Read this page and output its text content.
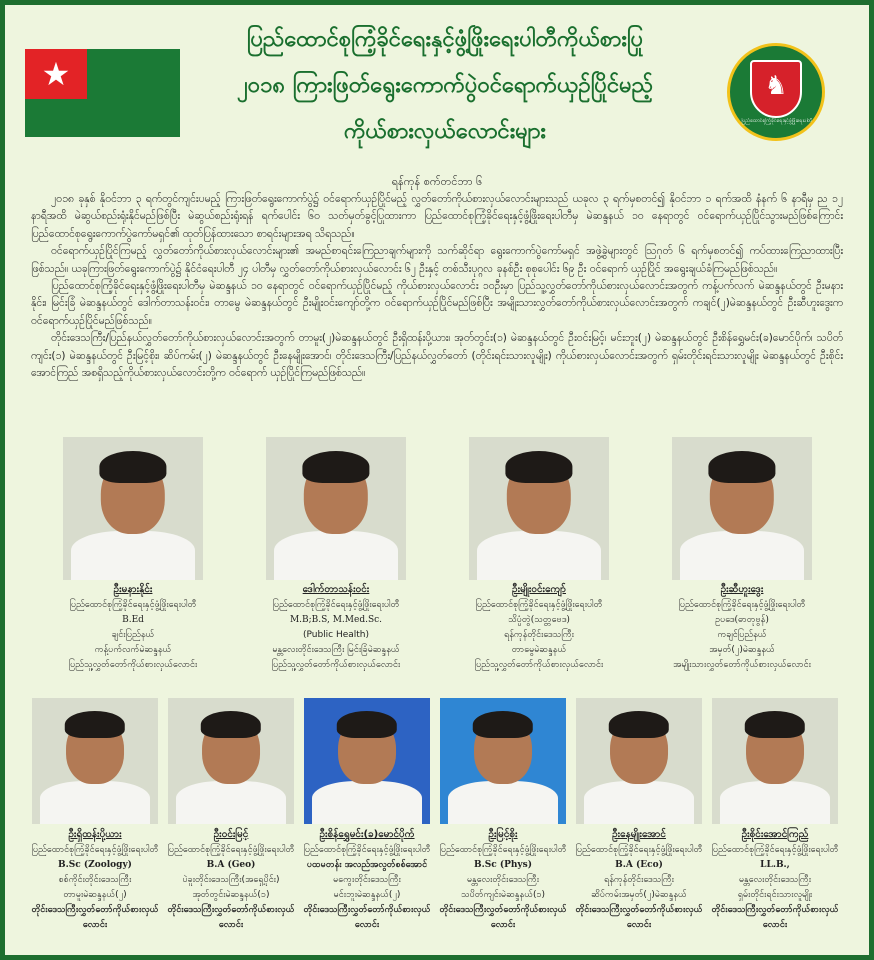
★
ပြည်ထောင်စုကြံ့ခိုင်ရေးနှင့်ဖွံ့ဖြိုးရေးပါတီကိုယ်စားပြု
၂၀၁၈ ကြားဖြတ်ရွေးကောက်ပွဲဝင်ရောက်ယှဉ်ပြိုင်မည့်
ကိုယ်စားလှယ်လောင်းများ
♞
ပြည်ထောင်စုကြံ့ခိုင်ရေးနှင့်ဖွံ့ဖြိုးရေးပါတီ
ရန်ကုန် စက်တင်ဘာ ၆

၂၀၁၈ ခုနှစ် နိုဝင်ဘာ ၃ ရက်တွင်ကျင်းပမည့် ကြားဖြတ်ရွေးကောက်ပွဲ၌ ဝင်ရောက်ယှဉ်ပြိုင်မည့် လွှတ်တော်ကိုယ်စားလှယ်လောင်းများသည် ယခုလ ၃ ရက်မှစတင်၍ နိုဝင်ဘာ ၁ ရက်အထိ နံနက် ၆ နာရီမှ ည ၁၂ နာရီအထိ မဲဆွယ်စည်းရုံးနိုင်မည်ဖြစ်ပြီး မဲဆွယ်စည်းရုံးရန် ရက်ပေါင်း ၆၀ သတ်မှတ်ခွင့်ပြုထားကာ ပြည်ထောင်စုကြံ့ခိုင်ရေးနှင့်ဖွံ့ဖြိုးရေးပါတီမှ မဲဆန္ဒနယ် ၁၀ နေရာတွင် ဝင်ရောက်ယှဉ်ပြိုင်သွားမည်ဖြစ်ကြောင်း ပြည်ထောင်စုရွေးကောက်ပွဲကော်မရှင်၏ ထုတ်ပြန်ထားသော စာရင်းများအရ သိရသည်။

ဝင်ရောက်ယှဉ်ပြိုင်ကြမည့် လွှတ်တော်ကိုယ်စားလှယ်လောင်းများ၏ အမည်စာရင်းကြေညာချက်များကို သက်ဆိုင်ရာ ရွေးကောက်ပွဲကော်မရှင် အဖွဲ့ခွဲများတွင် ဩဂုတ် ၆ ရက်မှစတင်၍ ကပ်ထားကြေညာထားပြီးဖြစ်သည်။ ယခုကြားဖြတ်ရွေးကောက်ပွဲ၌ နိုင်ငံရေးပါတီ ၂၄ ပါတီမှ လွှတ်တော်ကိုယ်စားလှယ်လောင်း ၆၂ ဦးနှင့် တစ်သီးပုဂ္ဂလ ခုနစ်ဦး စုစုပေါင်း ၆၉ ဦး ဝင်ရောက် ယှဉ်ပြိုင် အရွေးချယ်ခံကြမည်ဖြစ်သည်။

ပြည်ထောင်စုကြံ့ခိုင်ရေးနှင့်ဖွံ့ဖြိုးရေးပါတီမှ မဲဆန္ဒနယ် ၁၀ နေရာတွင် ဝင်ရောက်ယှဉ်ပြိုင်မည့် ကိုယ်စားလှယ်လောင်း ၁၀ဦးမှာ ပြည်သူ့လွှတ်တော်ကိုယ်စားလှယ်လောင်းအတွက် ကန့်ပက်လက် မဲဆန္ဒနယ်တွင် ဦးမနားနိုင်း၊ မြင်းခြံ မဲဆန္ဒနယ်တွင် ဒေါက်တာသန်းဝင်း၊ တာမွေ မဲဆန္ဒနယ်တွင် ဦးမျိုးဝင်းကျော်တို့က ဝင်ရောက်ယှဉ်ပြိုင်မည်ဖြစ်ပြီး အမျိုးသားလွှတ်တော်ကိုယ်စားလှယ်လောင်းအတွက် ကချင်(၂)မဲဆန္ဒနယ်တွင် ဦးဆီဟူးဒွေးက ဝင်ရောက်ယှဉ်ပြိုင်မည်ဖြစ်သည်။

တိုင်းဒေသကြီး/ပြည်နယ်လွှတ်တော်ကိုယ်စားလှယ်လောင်းအတွက် တာမူး(၂)မဲဆန္ဒနယ်တွင် ဦးရှိထန်းပို့ယား၊ အုတ်တွင်း(၁) မဲဆန္ဒနယ်တွင် ဦးဝင်းမြင့်၊ မင်းဘူး(၂) မဲဆန္ဒနယ်တွင် ဦးစိန်ရွှေမင်း(ခ)မောင်ပိုက်၊ သပိတ်ကျင်း(၁) မဲဆန္ဒနယ်တွင် ဦးမြင့်စိုး၊ ဆိပ်ကမ်း(၂) မဲဆန္ဒနယ်တွင် ဦးနေမျိုးအောင်၊ တိုင်းဒေသကြီး/ပြည်နယ်လွှတ်တော် (တိုင်းရင်းသားလူမျိုး) ကိုယ်စားလှယ်လောင်းအတွက် ရှမ်းတိုင်းရင်းသားလူမျိုး မဲဆန္ဒနယ်တွင် ဦးစိုင်းအောင်ကြည် အစရှိသည့်ကိုယ်စားလှယ်လောင်းတို့က ဝင်ရောက် ယှဉ်ပြိုင်ကြမည်ဖြစ်သည်။

ဦးမနားနိုင်း
ပြည်ထောင်စုကြံ့ခိုင်ရေးနှင့်ဖွံ့ဖြိုးရေးပါတီ
B.Ed
ချင်းပြည်နယ်
ကန့်ပက်လက်မဲဆန္ဒနယ်
ပြည်သူ့လွှတ်တော်ကိုယ်စားလှယ်လောင်း
ဒေါက်တာသန်းဝင်း
ပြည်ထောင်စုကြံ့ခိုင်ရေးနှင့်ဖွံ့ဖြိုးရေးပါတီ
M.B;B.S, M.Med.Sc.
(Public Health)
မန္တလေးတိုင်းဒေသကြီး မြင်းခြံမဲဆန္ဒနယ်
ပြည်သူ့လွှတ်တော်ကိုယ်စားလှယ်လောင်း
ဦးမျိုးဝင်းကျော်
ပြည်ထောင်စုကြံ့ခိုင်ရေးနှင့်ဖွံ့ဖြိုးရေးပါတီ
သိပ္ပံတွဲ(သတ္တဗေဒ)
ရန်ကုန်တိုင်းဒေသကြီး
တာမွေမဲဆန္ဒနယ်
ပြည်သူ့လွှတ်တော်ကိုယ်စားလှယ်လောင်း
ဦးဆီဟူးဒွေး
ပြည်ထောင်စုကြံ့ခိုင်ရေးနှင့်ဖွံ့ဖြိုးရေးပါတီ
ဥပဒေ(ဓာတုဗွန်)
ကချင်ပြည်နယ်
အမှတ်(၂)မဲဆန္ဒနယ်
အမျိုးသားလွှတ်တော်ကိုယ်စားလှယ်လောင်း
ဦးရှိထန်းပို့ယား
ပြည်ထောင်စုကြံ့ခိုင်ရေးနှင့်ဖွံ့ဖြိုးရေးပါတီ
B.Sc (Zoology)
စစ်ကိုင်းတိုင်းဒေသကြီး
တာမူးမဲဆန္ဒနယ်(၂)
တိုင်းဒေသကြီးလွှတ်တော်ကိုယ်စားလှယ်လောင်း
ဦးဝင်းမြင့်
ပြည်ထောင်စုကြံ့ခိုင်ရေးနှင့်ဖွံ့ဖြိုးရေးပါတီ
B.A (Geo)
ပဲခူးတိုင်းဒေသကြီး(အရှေ့ပိုင်း)
အုတ်တွင်းမဲဆန္ဒနယ်(၁)
တိုင်းဒေသကြီးလွှတ်တော်ကိုယ်စားလှယ်လောင်း
ဦးစိန်ရွှေမင်း(ခ)မောင်ပိုက်
ပြည်ထောင်စုကြံ့ခိုင်ရေးနှင့်ဖွံ့ဖြိုးရေးပါတီ
ပထမတန်း အလည်အလွတ်စစ်အောင်
မကွေးတိုင်းဒေသကြီး
မင်းဘူးမဲဆန္ဒနယ်(၂)
တိုင်းဒေသကြီးလွှတ်တော်ကိုယ်စားလှယ်လောင်း
ဦးမြင့်စိုး
ပြည်ထောင်စုကြံ့ခိုင်ရေးနှင့်ဖွံ့ဖြိုးရေးပါတီ
B.Sc (Phys)
မန္တလေးတိုင်းဒေသကြီး
သပိတ်ကျင်းမဲဆန္ဒနယ်(၁)
တိုင်းဒေသကြီးလွှတ်တော်ကိုယ်စားလှယ်လောင်း
ဦးနေမျိုးအောင်
ပြည်ထောင်စုကြံ့ခိုင်ရေးနှင့်ဖွံ့ဖြိုးရေးပါတီ
B.A (Eco)
ရန်ကုန်တိုင်းဒေသကြီး
ဆိပ်ကမ်းအမှတ်(၂)မဲဆန္ဒနယ်
တိုင်းဒေသကြီးလွှတ်တော်ကိုယ်စားလှယ်လောင်း
ဦးစိုင်းအောင်ကြည်
ပြည်ထောင်စုကြံ့ခိုင်ရေးနှင့်ဖွံ့ဖြိုးရေးပါတီ
LL.B.,
မန္တလေးတိုင်းဒေသကြီး
ရှမ်းတိုင်းရင်းသားလူမျိုး
တိုင်းဒေသကြီးလွှတ်တော်ကိုယ်စားလှယ်လောင်း
